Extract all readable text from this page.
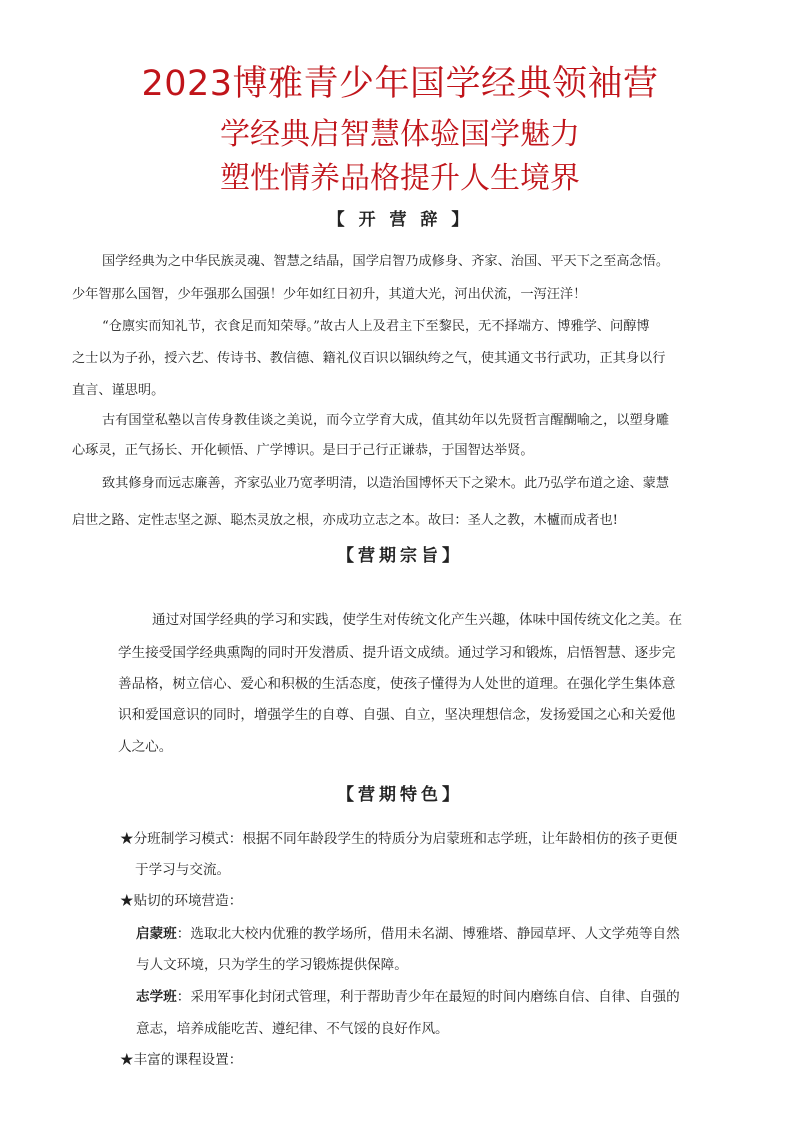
2023博雅青少年国学经典领袖营
学经典启智慧体验国学魅力
塑性情养品格提升人生境界
【 开 营 辞 】
国学经典为之中华民族灵魂、智慧之结晶，国学启智乃成修身、齐家、治国、平天下之至高念悟。
少年智那么国智，少年强那么国强！少年如红日初升，其道大光，河出伏流，一泻汪洋！
“仓廪实而知礼节，衣食足而知荣辱。”故古人上及君主下至黎民，无不择端方、博雅学、问醇博
之士以为子孙，授六艺、传诗书、教信德、籍礼仪百识以锢纨绔之气，使其通文书行武功，正其身以行
直言、谨思明。
古有国堂私塾以言传身教佳谈之美说，而今立学育大成，值其幼年以先贤哲言醒醐喻之，以塑身雕
心琢灵，正气扬长、开化顿悟、广学博识。是曰于己行正谦恭，于国智达举贤。
致其修身而远志廉善，齐家弘业乃宽孝明清，以造治国博怀天下之梁木。此乃弘学布道之途、蒙慧
启世之路、定性志坚之源、聪杰灵放之根，亦成功立志之本。故曰：圣人之教，木櫨而成者也!
【营期宗旨】
通过对国学经典的学习和实践，使学生对传统文化产生兴趣，体味中国传统文化之美。在
学生接受国学经典熏陶的同时开发潜质、提升语文成绩。通过学习和锻炼，启悟智慧、逐步完
善品格，树立信心、爱心和积极的生活态度，使孩子懂得为人处世的道理。在强化学生集体意
识和爱国意识的同时，增强学生的自尊、自强、自立，坚决理想信念，发扬爱国之心和关爱他
人之心。
【营期特色】
★分班制学习模式：根据不同年龄段学生的特质分为启蒙班和志学班，让年龄相仿的孩子更便
于学习与交流。
★贴切的环境营造：
启蒙班：选取北大校内优雅的教学场所，借用未名湖、博雅塔、静园草坪、人文学苑等自然
与人文环境，只为学生的学习锻炼提供保障。
志学班：采用军事化封闭式管理，利于帮助青少年在最短的时间内磨练自信、自律、自强的
意志，培养成能吃苦、遵纪律、不气馁的良好作风。
★丰富的课程设置：
